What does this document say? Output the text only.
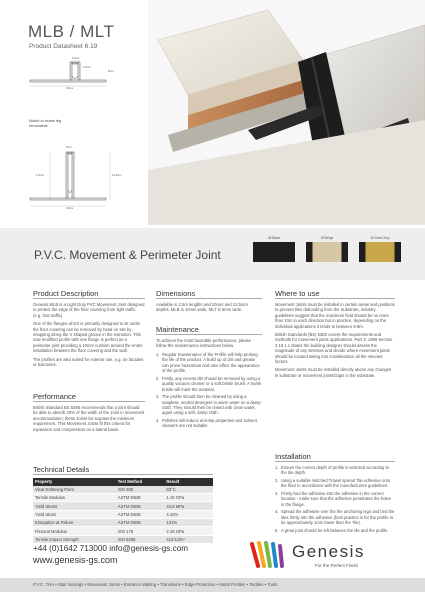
MLB / MLT
Product Datasheet 6.19
10mm
1.5mm
8mm
10mm
6mm
12.5mm
1.5mm
10mm
Notch to make leg removable
P.V.C. Movement & Perimeter Joint
45 Black	25 Beige	20 Dark Grey
Product Description
Genesis MLB is a Light Duty PVC Movement Joint designed to protect the edge of the floor covering from light traffic (e.g. foot traffic).
One of the flanges which is primarily designed to sit under the floor covering can be removed by hand on site by snapping along the V shaped groove in the extrusion. This now modified profile with one flange is perfect as a perimeter joint providing a 10mm cushion around the entire installation between the floor covering and the wall.
The profiles are also suited for exterior use, e.g. on facades or balconies.
Performance
British Standard BS 5385 recommends that a joint should be able to absorb 20% of the width of the Joint in movement accommodation; these Joints far surpass the minimum requirement. This Movement Joints fit this criteria for expansion and compression on a lateral basis.
Technical Details
Property	Test Method	Result
Vicat Softening Point	ISO 306	83°C
Tensile Modulus	ASTM D638	1.19 GPa
Yield Stress	ASTM D638	44.8 MPa
Yield Strain	ASTM D638	4.42%
Elongation at Failure	ASTM D638	131%
Flexural Modulus	ISO 178	2.18 GPa
Tensile Impact Strength	ISO 8256	413 kJ/m²
Dimensions
Available in 2.5m lengths and 10mm and 12.5mm depths. MLB is 10mm wide, MLT is 5mm wide.
Maintenance
To achieve the most favorable performance, please follow the maintenance instructions below.
1. Regular maintenance of the Profile will help prolong the life of the product. A build up of dirt and grease can prove hazardous and also affect the appearance of the profile.
2. Firstly, any excess dirt should be removed by using a quality vacuum cleaner or a soft bristle brush. A harsh bristle will mark the material.
3. The profile should then be cleaned by using a soapless, neutral detergent in warm water on a damp cloth. They should then be rinsed with clean water, again using a soft, damp cloth.
4. Polishes will reduce anti-slip properties and solvent cleaners are not suitable.
Where to use
Movement Joints must be installed in certain areas and positions to prevent tiles debonding from the Substrate, industry guidelines suggest that the maximum field should be no more than 10m in each direction but in practice, depending on the individual applications it tends to between 5-8m.
British Standards (BS) 5385 covers the requirements and methods for movement joints applications. Part 3: 1989 Section 3 19.1.1 states the building designer should assess the magnitude of any stresses and decide where movement joints should be located taking into consideration all the relevant factors.
Movement Joints must be installed directly above any changes in substrate or movement joints/Gaps in the substrate.
Installation
1. Ensure the correct depth of profile is selected according to the tile depth.
2. Using a suitable Notched Trowel spread Tile Adhesive onto the floor in accordance with the manufacturers guidelines.
3. Firmly bed the adhesive into the adhesive in the correct location - make sure that the adhesive penetrates the holes in the flange.
4. Spread the adhesive over the the anchoring legs and bed the tiles firmly into the adhesive (best practice is for the profile to be approximately 1mm lower than the Tile).
5. A grout joint should be left between the tile and the profile.
+44 (0)1642 713000 info@genesis-gs.com
www.genesis-gs.com	Genesis
For the Perfect Finish
P.V.C. Trim • Stair Nosings • Movement Joints • Entrance Matting • Transitions • Edge Protection • Metal Profiles • Tactiles • Tools
